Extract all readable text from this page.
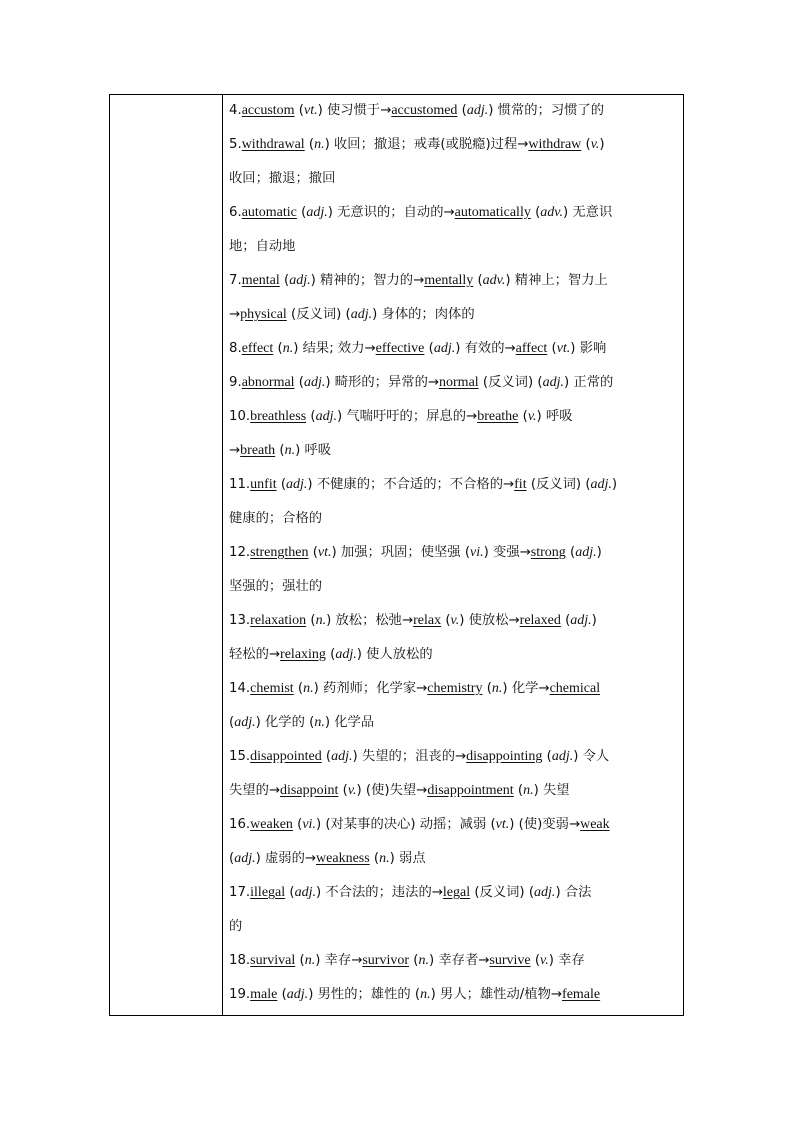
4.accustom (vt.) 使习惯于→accustomed (adj.) 惯常的；习惯了的
5.withdrawal (n.) 收回；撤退；戒毒(或脱瘾)过程→withdraw (v.)
收回；撤退；撤回
6.automatic (adj.) 无意识的；自动的→automatically (adv.) 无意识
地；自动地
7.mental (adj.) 精神的；智力的→mentally (adv.) 精神上；智力上
→physical (反义词) (adj.) 身体的；肉体的
8.effect (n.) 结果; 效力→effective (adj.) 有效的→affect (vt.) 影响
9.abnormal (adj.) 畸形的；异常的→normal (反义词) (adj.) 正常的
10.breathless (adj.) 气喘吁吁的；屏息的→breathe (v.) 呼吸
→breath (n.) 呼吸
11.unfit (adj.) 不健康的；不合适的；不合格的→fit (反义词) (adj.)
健康的；合格的
12.strengthen (vt.) 加强；巩固；使坚强 (vi.) 变强→strong (adj.)
坚强的；强壮的
13.relaxation (n.) 放松；松弛→relax (v.) 使放松→relaxed (adj.)
轻松的→relaxing (adj.) 使人放松的
14.chemist (n.) 药剂师；化学家→chemistry (n.) 化学→chemical
(adj.) 化学的 (n.) 化学品
15.disappointed (adj.) 失望的；沮丧的→disappointing (adj.) 令人
失望的→disappoint (v.) (使)失望→disappointment (n.) 失望
16.weaken (vi.) (对某事的决心) 动摇；减弱 (vt.) (使)变弱→weak
(adj.) 虚弱的→weakness (n.) 弱点
17.illegal (adj.) 不合法的；违法的→legal (反义词) (adj.) 合法
的
18.survival (n.) 幸存→survivor (n.) 幸存者→survive (v.) 幸存
19.male (adj.) 男性的；雄性的 (n.) 男人；雄性动/植物→female
